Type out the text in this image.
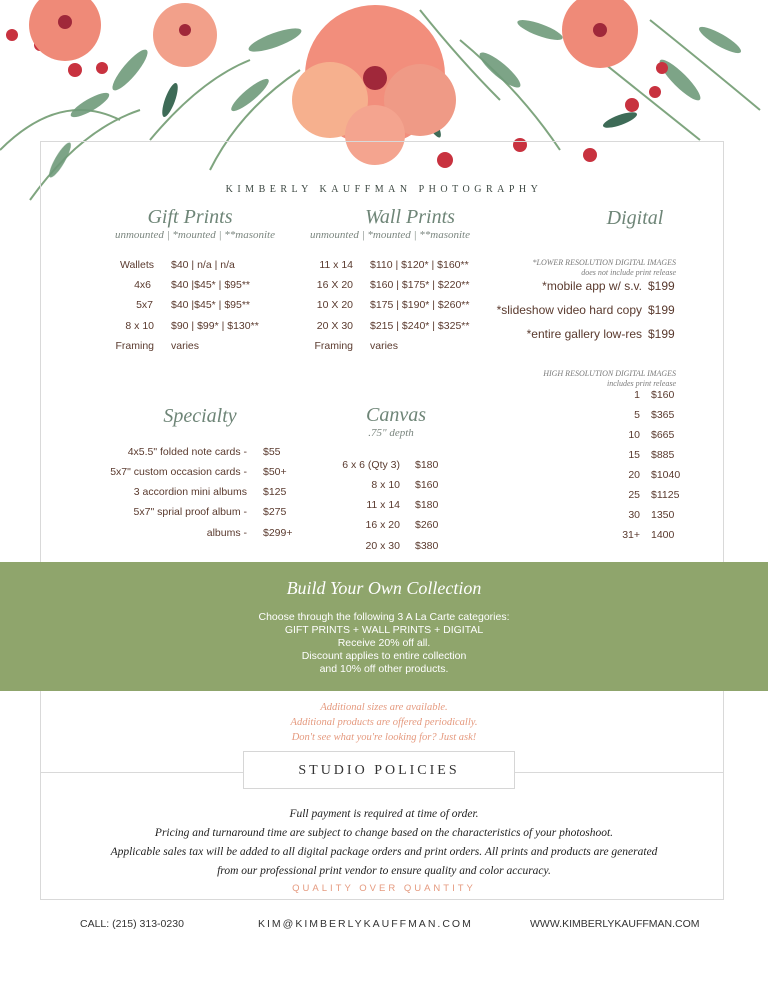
KIMBERLY KAUFFMAN PHOTOGRAPHY
Gift Prints
unmounted | *mounted | **masonite
Wallets $40 | n/a | n/a
4x6 $40 |$45* | $95**
5x7 $40 |$45* | $95**
8 x 10 $90 | $99* | $130**
Framing varies
Wall Prints
unmounted | *mounted | **masonite
11 x 14 $110 | $120* | $160**
16 X 20 $160 | $175* | $220**
10 X 20 $175 | $190* | $260**
20 X 30 $215 | $240* | $325**
Framing varies
Digital
*LOWER RESOLUTION DIGITAL IMAGES
does not include print release
*mobile app w/ s.v. $199
*slideshow video hard copy $199
*entire gallery low-res $199
HIGH RESOLUTION DIGITAL IMAGES
includes print release
1 $160
5 $365
10 $665
15 $885
20 $1040
25 $1125
30 1350
31+ 1400
Specialty
4x5.5" folded note cards - $55
5x7" custom occasion cards - $50+
3 accordion mini albums $125
5x7" sprial proof album - $275
albums - $299+
Canvas
.75" depth
6 x 6 (Qty 3) $180
8 x 10 $160
11 x 14 $180
16 x 20 $260
20 x 30 $380
Build Your Own Collection
Choose through the following 3 A La Carte categories:
GIFT PRINTS + WALL PRINTS + DIGITAL
Receive 20% off all.
Discount applies to entire collection
and 10% off other products.
Additional sizes are available.
Additional products are offered periodically.
Don't see what you're looking for? Just ask!
STUDIO POLICIES
Full payment is required at time of order.
Pricing and turnaround time are subject to change based on the characteristics of your photoshoot.
Applicable sales tax will be added to all digital package orders and print orders. All prints and products are generated
from our professional print vendor to ensure quality and color accuracy.
QUALITY OVER QUANTITY
CALL: (215) 313-0230	KIM@KIMBERLYKAUFFMAN.COM	WWW.KIMBERLYKAUFFMAN.COM
